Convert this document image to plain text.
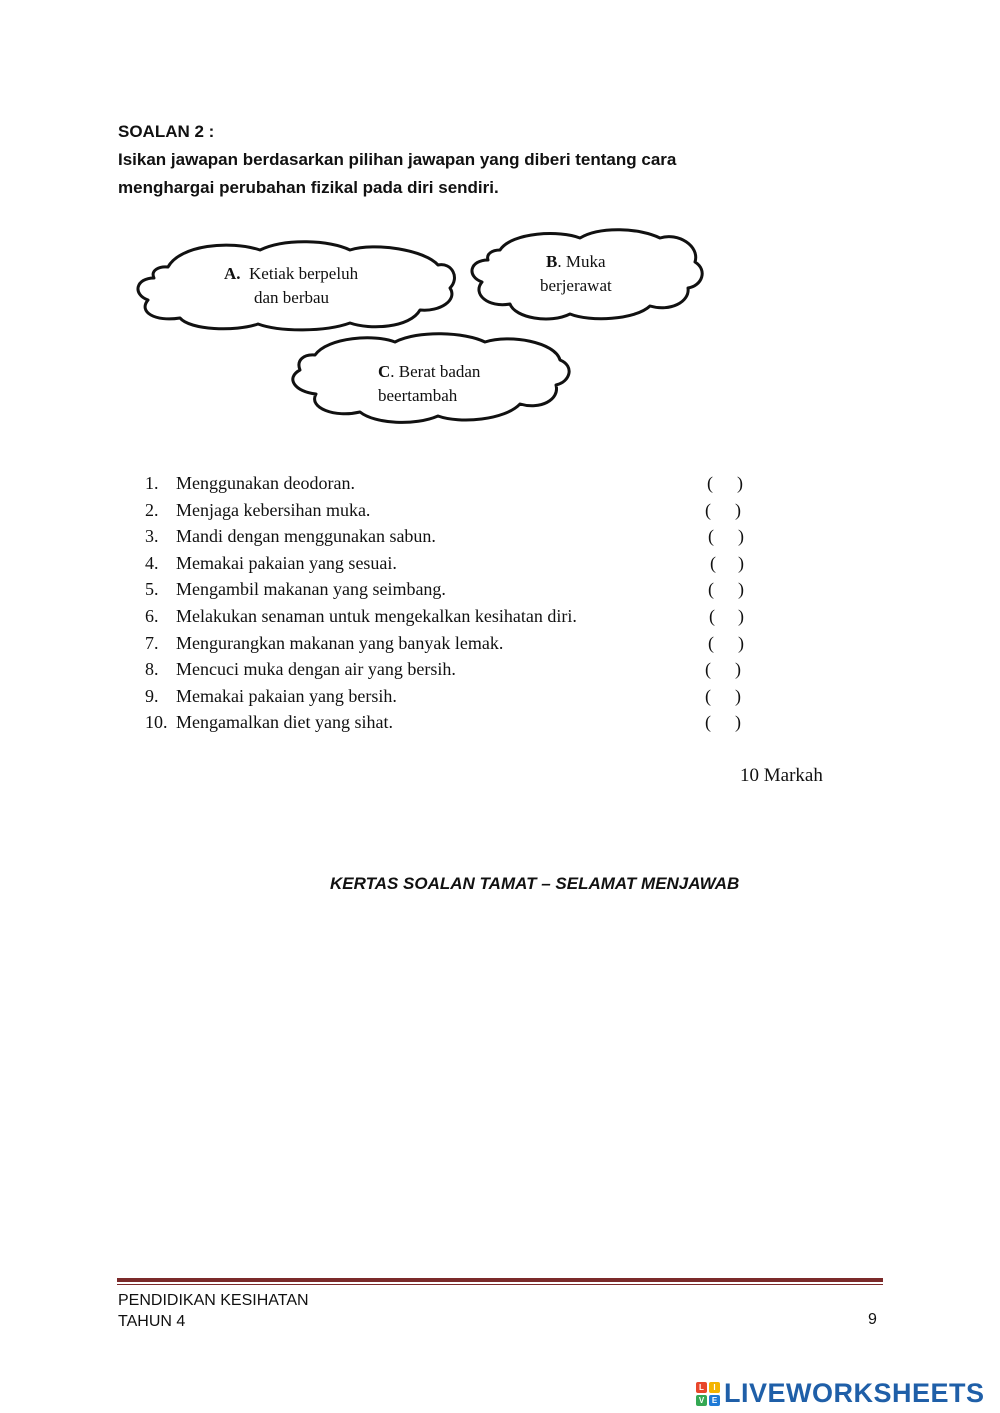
SOALAN 2 :
Isikan jawapan berdasarkan pilihan jawapan yang diberi tentang cara
menghargai perubahan fizikal pada diri sendiri.
A. Ketiak berpeluh
dan berbau
B. Muka
berjerawat
C. Berat badan
beertambah
1. Menggunakan deodoran.	( )
2. Menjaga kebersihan muka.	( )
3. Mandi dengan menggunakan sabun.	( )
4. Memakai pakaian yang sesuai.	( )
5. Mengambil makanan yang seimbang.	( )
6. Melakukan senaman untuk mengekalkan kesihatan diri.	( )
7. Mengurangkan makanan yang banyak lemak.	( )
8. Mencuci muka dengan air yang bersih.	( )
9. Memakai pakaian yang bersih.	( )
10. Mengamalkan diet yang sihat.	( )
10 Markah
KERTAS SOALAN TAMAT – SELAMAT MENJAWAB
PENDIDIKAN KESIHATAN
TAHUN 4	9
L	I
V E LIVEWORKSHEETS
